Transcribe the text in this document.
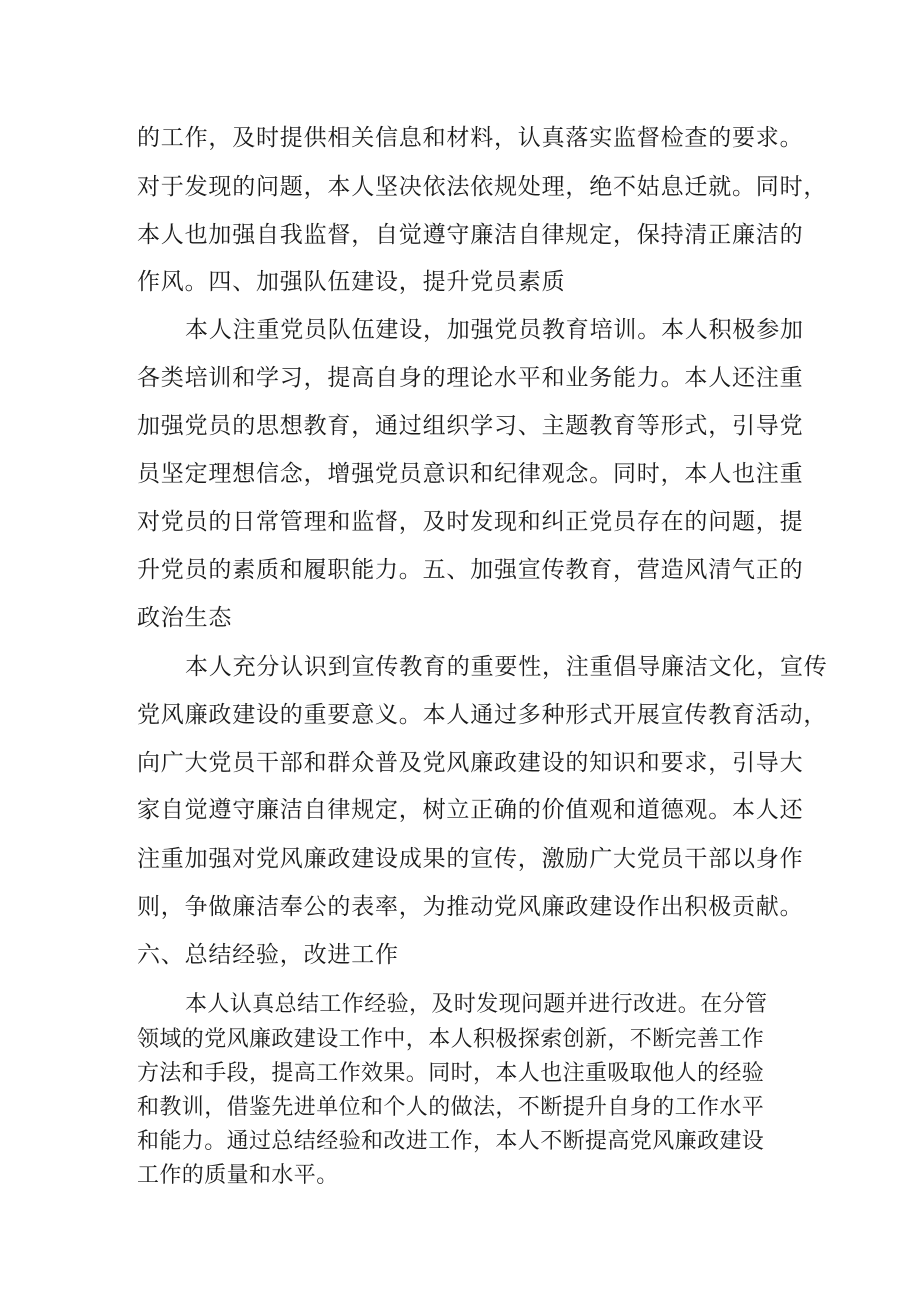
的工作，及时提供相关信息和材料，认真落实监督检查的要求。
对于发现的问题，本人坚决依法依规处理，绝不姑息迁就。同时，
本人也加强自我监督，自觉遵守廉洁自律规定，保持清正廉洁的
作风。四、加强队伍建设，提升党员素质
本人注重党员队伍建设，加强党员教育培训。本人积极参加
各类培训和学习，提高自身的理论水平和业务能力。本人还注重
加强党员的思想教育，通过组织学习、主题教育等形式，引导党
员坚定理想信念，增强党员意识和纪律观念。同时，本人也注重
对党员的日常管理和监督，及时发现和纠正党员存在的问题，提
升党员的素质和履职能力。五、加强宣传教育，营造风清气正的
政治生态
本人充分认识到宣传教育的重要性，注重倡导廉洁文化，宣传
党风廉政建设的重要意义。本人通过多种形式开展宣传教育活动，
向广大党员干部和群众普及党风廉政建设的知识和要求，引导大
家自觉遵守廉洁自律规定，树立正确的价值观和道德观。本人还
注重加强对党风廉政建设成果的宣传，激励广大党员干部以身作
则，争做廉洁奉公的表率，为推动党风廉政建设作出积极贡献。
六、总结经验，改进工作
本人认真总结工作经验，及时发现问题并进行改进。在分管
领域的党风廉政建设工作中，本人积极探索创新，不断完善工作
方法和手段，提高工作效果。同时，本人也注重吸取他人的经验
和教训，借鉴先进单位和个人的做法，不断提升自身的工作水平
和能力。通过总结经验和改进工作，本人不断提高党风廉政建设
工作的质量和水平。
